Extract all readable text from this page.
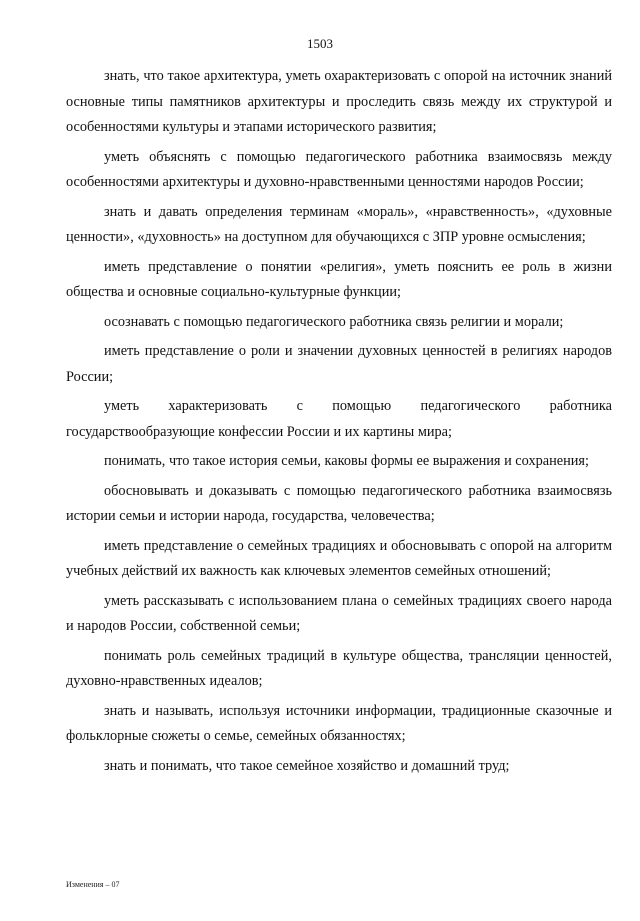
1503

знать, что такое архитектура, уметь охарактеризовать с опорой на источник знаний основные типы памятников архитектуры и проследить связь между их структурой и особенностями культуры и этапами исторического развития;

уметь объяснять с помощью педагогического работника взаимосвязь между особенностями архитектуры и духовно-нравственными ценностями народов России;

знать и давать определения терминам «мораль», «нравственность», «духовные ценности», «духовность» на доступном для обучающихся с ЗПР уровне осмысления;

иметь представление о понятии «религия», уметь пояснить ее роль в жизни общества и основные социально-культурные функции;

осознавать с помощью педагогического работника связь религии и морали;

иметь представление о роли и значении духовных ценностей в религиях народов России;

уметь характеризовать с помощью педагогического работника государствообразующие конфессии России и их картины мира;

понимать, что такое история семьи, каковы формы ее выражения и сохранения;

обосновывать и доказывать с помощью педагогического работника взаимосвязь истории семьи и истории народа, государства, человечества;

иметь представление о семейных традициях и обосновывать с опорой на алгоритм учебных действий их важность как ключевых элементов семейных отношений;

уметь рассказывать с использованием плана о семейных традициях своего народа и народов России, собственной семьи;

понимать роль семейных традиций в культуре общества, трансляции ценностей, духовно-нравственных идеалов;

знать и называть, используя источники информации, традиционные сказочные и фольклорные сюжеты о семье, семейных обязанностях;

знать и понимать, что такое семейное хозяйство и домашний труд;

Изменения – 07
